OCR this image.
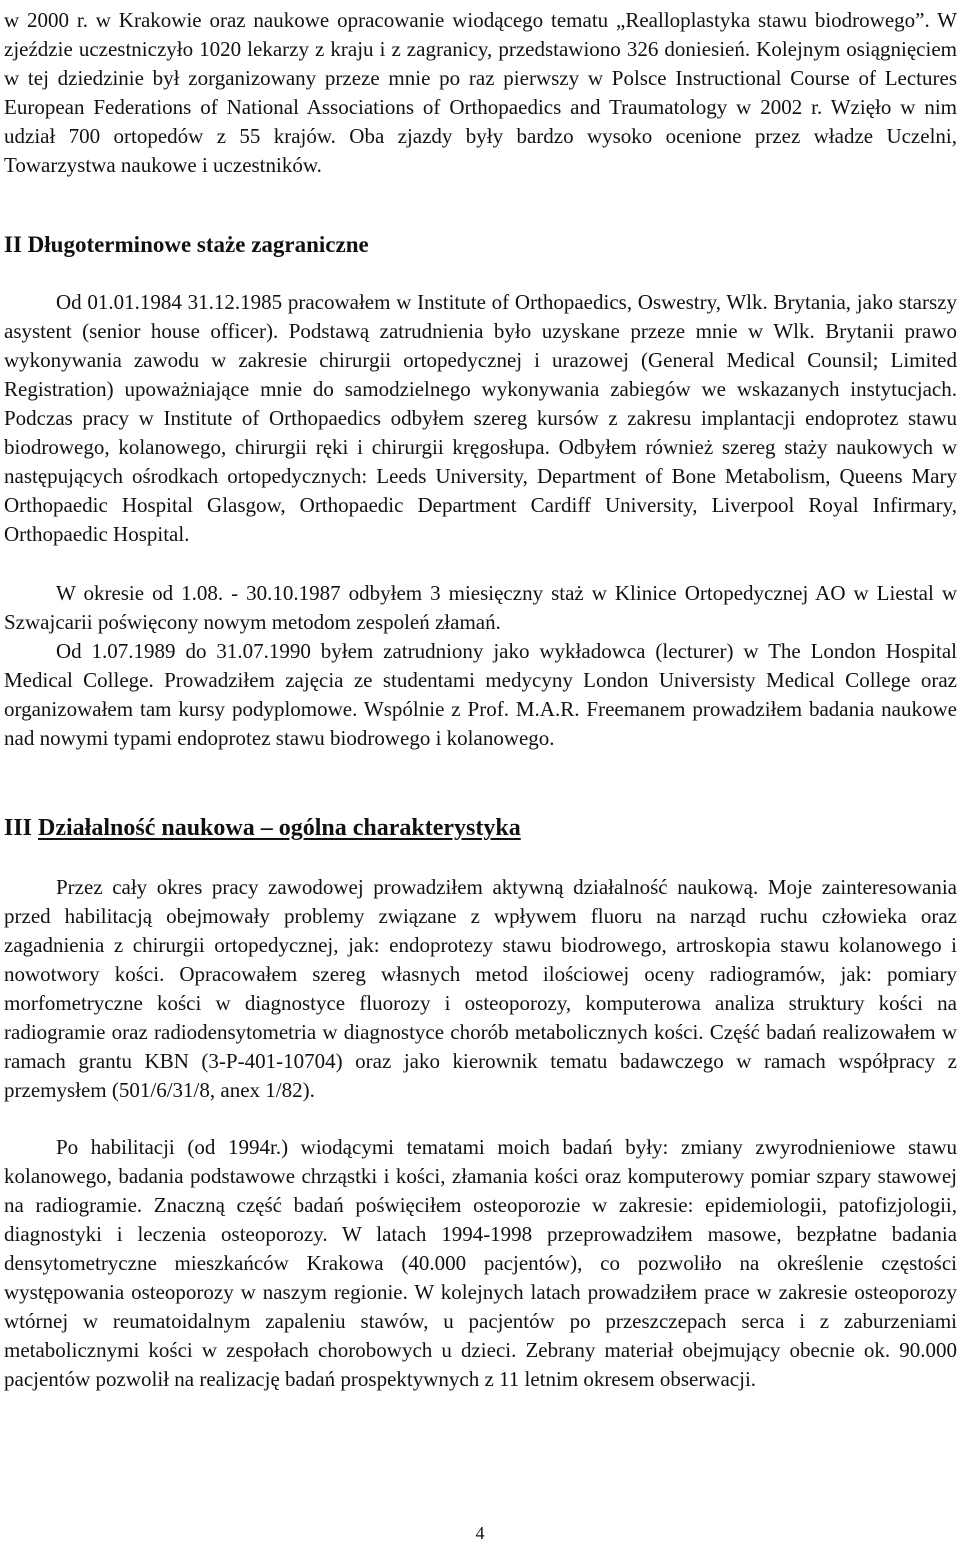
w 2000 r. w Krakowie oraz naukowe opracowanie wiodącego tematu „Realloplastyka stawu biodrowego”. W zjeździe uczestniczyło 1020 lekarzy z kraju i z zagranicy, przedstawiono 326 doniesień. Kolejnym osiągnięciem w tej dziedzinie był zorganizowany przeze mnie po raz pierwszy w Polsce Instructional Course of Lectures European Federations of National Associations of Orthopaedics and Traumatology w 2002 r. Wzięło w nim udział 700 ortopedów z 55 krajów. Oba zjazdy były bardzo wysoko ocenione przez władze Uczelni, Towarzystwa naukowe i uczestników.

II Długoterminowe staże zagraniczne

Od 01.01.1984 31.12.1985 pracowałem w Institute of Orthopaedics, Oswestry, Wlk. Brytania, jako starszy asystent (senior house officer). Podstawą zatrudnienia było uzyskane przeze mnie w Wlk. Brytanii prawo wykonywania zawodu w zakresie chirurgii ortopedycznej i urazowej (General Medical Counsil; Limited Registration) upoważniające mnie do samodzielnego wykonywania zabiegów we wskazanych instytucjach. Podczas pracy w Institute of Orthopaedics odbyłem szereg kursów z zakresu implantacji endoprotez stawu biodrowego, kolanowego, chirurgii ręki i chirurgii kręgosłupa. Odbyłem również szereg staży naukowych w następujących ośrodkach ortopedycznych: Leeds University, Department of Bone Metabolism, Queens Mary Orthopaedic Hospital Glasgow, Orthopaedic Department Cardiff University, Liverpool Royal Infirmary, Orthopaedic Hospital.

W okresie od 1.08. - 30.10.1987 odbyłem 3 miesięczny staż w Klinice Ortopedycznej AO w Liestal w Szwajcarii poświęcony nowym metodom zespoleń złamań.

Od 1.07.1989 do 31.07.1990 byłem zatrudniony jako wykładowca (lecturer) w The London Hospital Medical College. Prowadziłem zajęcia ze studentami medycyny London Universisty Medical College oraz organizowałem tam kursy podyplomowe. Wspólnie z Prof. M.A.R. Freemanem prowadziłem badania naukowe nad nowymi typami endoprotez stawu biodrowego i kolanowego.

III Działalność naukowa – ogólna charakterystyka

Przez cały okres pracy zawodowej prowadziłem aktywną działalność naukową. Moje zainteresowania przed habilitacją obejmowały problemy związane z wpływem fluoru na narząd ruchu człowieka oraz zagadnienia z chirurgii ortopedycznej, jak: endoprotezy stawu biodrowego, artroskopia stawu kolanowego i nowotwory kości. Opracowałem szereg własnych metod ilościowej oceny radiogramów, jak: pomiary morfometryczne kości w diagnostyce fluorozy i osteoporozy, komputerowa analiza struktury kości na radiogramie oraz radiodensytometria w diagnostyce chorób metabolicznych kości. Część badań realizowałem w ramach grantu KBN (3-P-401-10704) oraz jako kierownik tematu badawczego w ramach współpracy z przemysłem (501/6/31/8, anex 1/82).

Po habilitacji (od 1994r.) wiodącymi tematami moich badań były: zmiany zwyrodnieniowe stawu kolanowego, badania podstawowe chrząstki i kości, złamania kości oraz komputerowy pomiar szpary stawowej na radiogramie. Znaczną część badań poświęciłem osteoporozie w zakresie: epidemiologii, patofizjologii, diagnostyki i leczenia osteoporozy. W latach 1994-1998 przeprowadziłem masowe, bezpłatne badania densytometryczne mieszkańców Krakowa (40.000 pacjentów), co pozwoliło na określenie częstości występowania osteoporozy w naszym regionie. W kolejnych latach prowadziłem prace w zakresie osteoporozy wtórnej w reumatoidalnym zapaleniu stawów, u pacjentów po przeszczepach serca i z zaburzeniami metabolicznymi kości w zespołach chorobowych u dzieci. Zebrany materiał obejmujący obecnie ok. 90.000 pacjentów pozwolił na realizację badań prospektywnych z 11 letnim okresem obserwacji.

4
